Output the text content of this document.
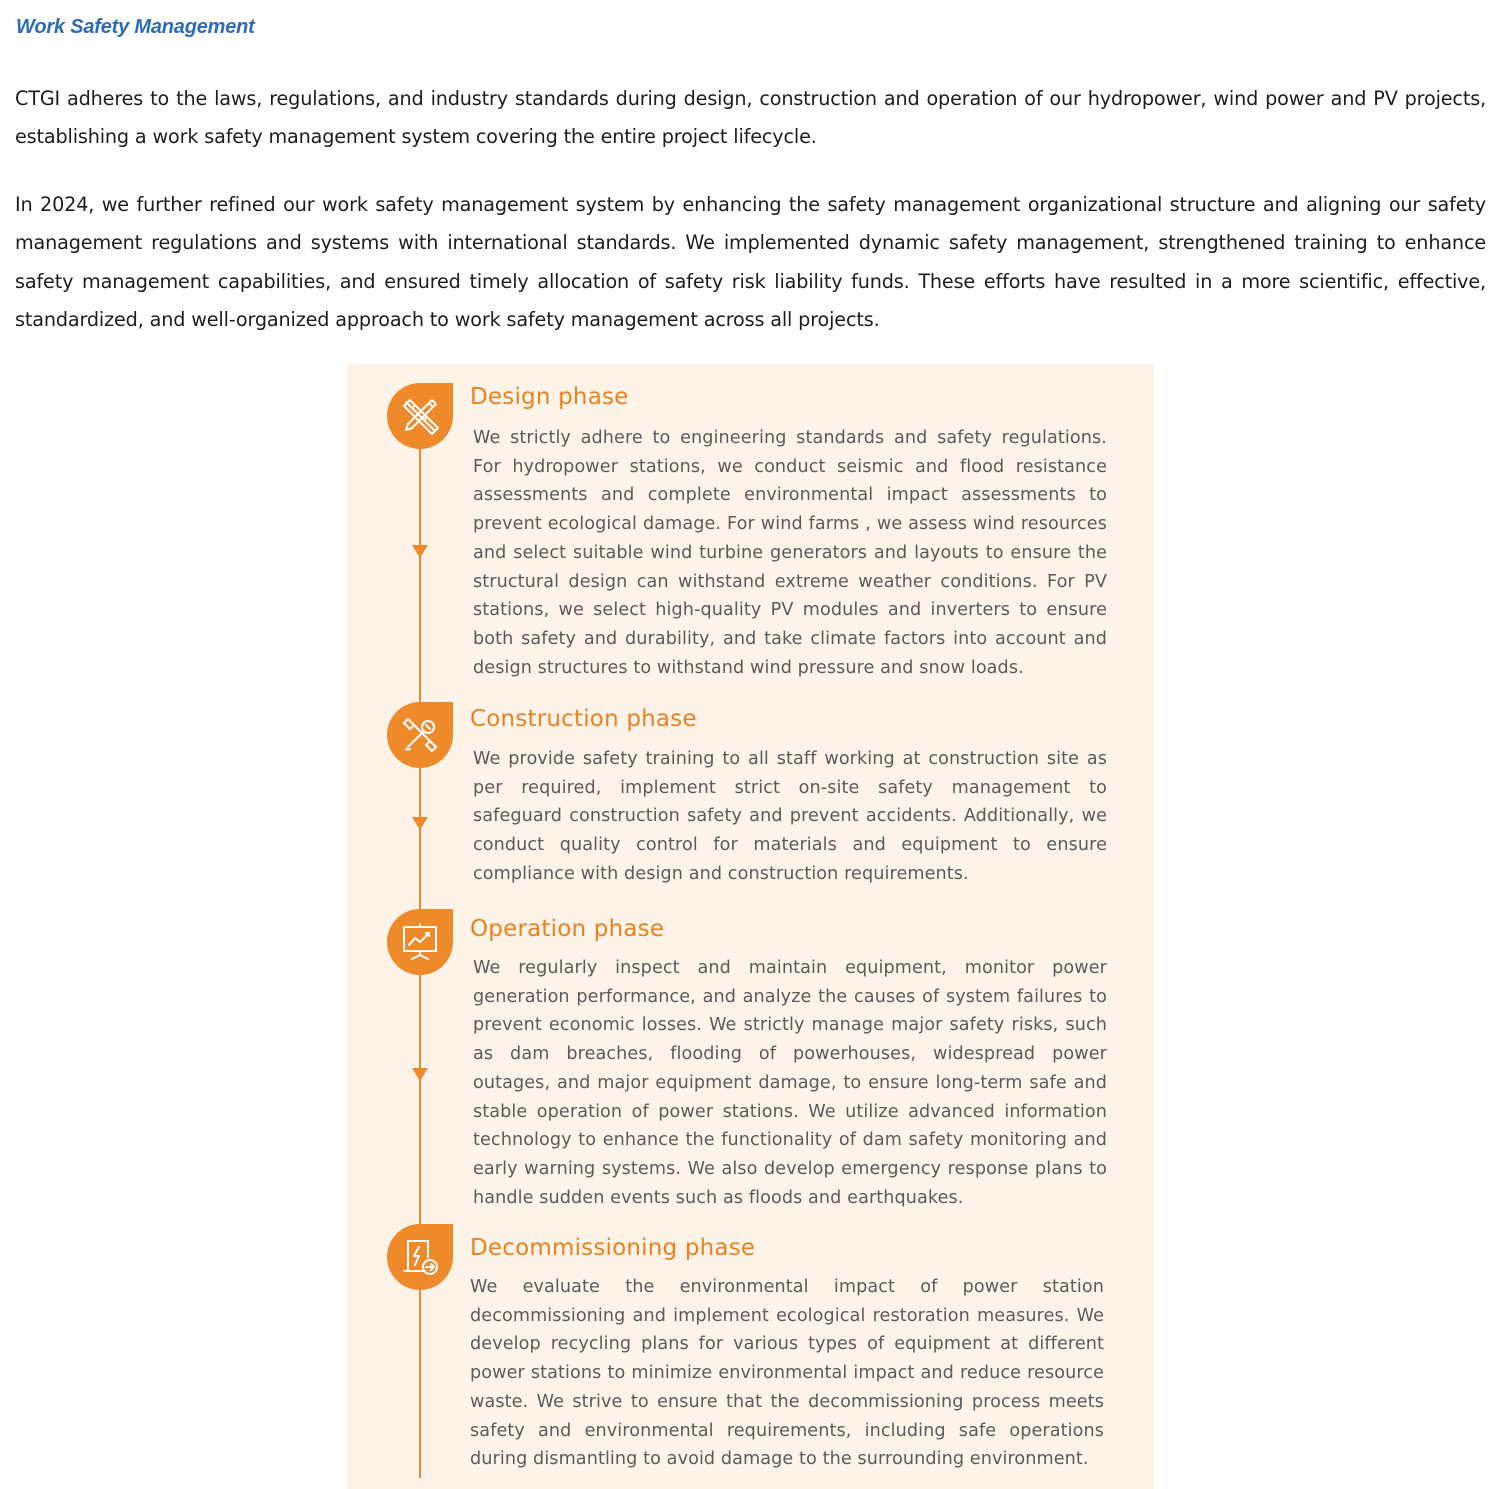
Work Safety Management

CTGI adheres to the laws, regulations, and industry standards during design, construction and operation of our hydropower, wind power and PV projects, establishing a work safety management system covering the entire project lifecycle.

In 2024, we further refined our work safety management system by enhancing the safety management organizational structure and aligning our safety management regulations and systems with international standards. We implemented dynamic safety management, strengthened training to enhance safety management capabilities, and ensured timely allocation of safety risk liability funds. These efforts have resulted in a more scientific, effective, standardized, and well-organized approach to work safety management across all projects.

Design phase

We strictly adhere to engineering standards and safety regulations. For hydropower stations, we conduct seismic and flood resistance assessments and complete environmental impact assessments to prevent ecological damage. For wind farms , we assess wind resources and select suitable wind turbine generators and layouts to ensure the structural design can withstand extreme weather conditions. For PV stations, we select high-quality PV modules and inverters to ensure both safety and durability, and take climate factors into account and design structures to withstand wind pressure and snow loads.

Construction phase

We provide safety training to all staff working at construction site as per required, implement strict on-site safety management to safeguard construction safety and prevent accidents. Additionally, we conduct quality control for materials and equipment to ensure compliance with design and construction requirements.

Operation phase

We regularly inspect and maintain equipment, monitor power generation performance, and analyze the causes of system failures to prevent economic losses. We strictly manage major safety risks, such as dam breaches, flooding of powerhouses, widespread power outages, and major equipment damage, to ensure long-term safe and stable operation of power stations. We utilize advanced information technology to enhance the functionality of dam safety monitoring and early warning systems. We also develop emergency response plans to handle sudden events such as floods and earthquakes.

Decommissioning phase

We evaluate the environmental impact of power station decommissioning and implement ecological restoration measures. We develop recycling plans for various types of equipment at different power stations to minimize environmental impact and reduce resource waste. We strive to ensure that the decommissioning process meets safety and environmental requirements, including safe operations during dismantling to avoid damage to the surrounding environment.
